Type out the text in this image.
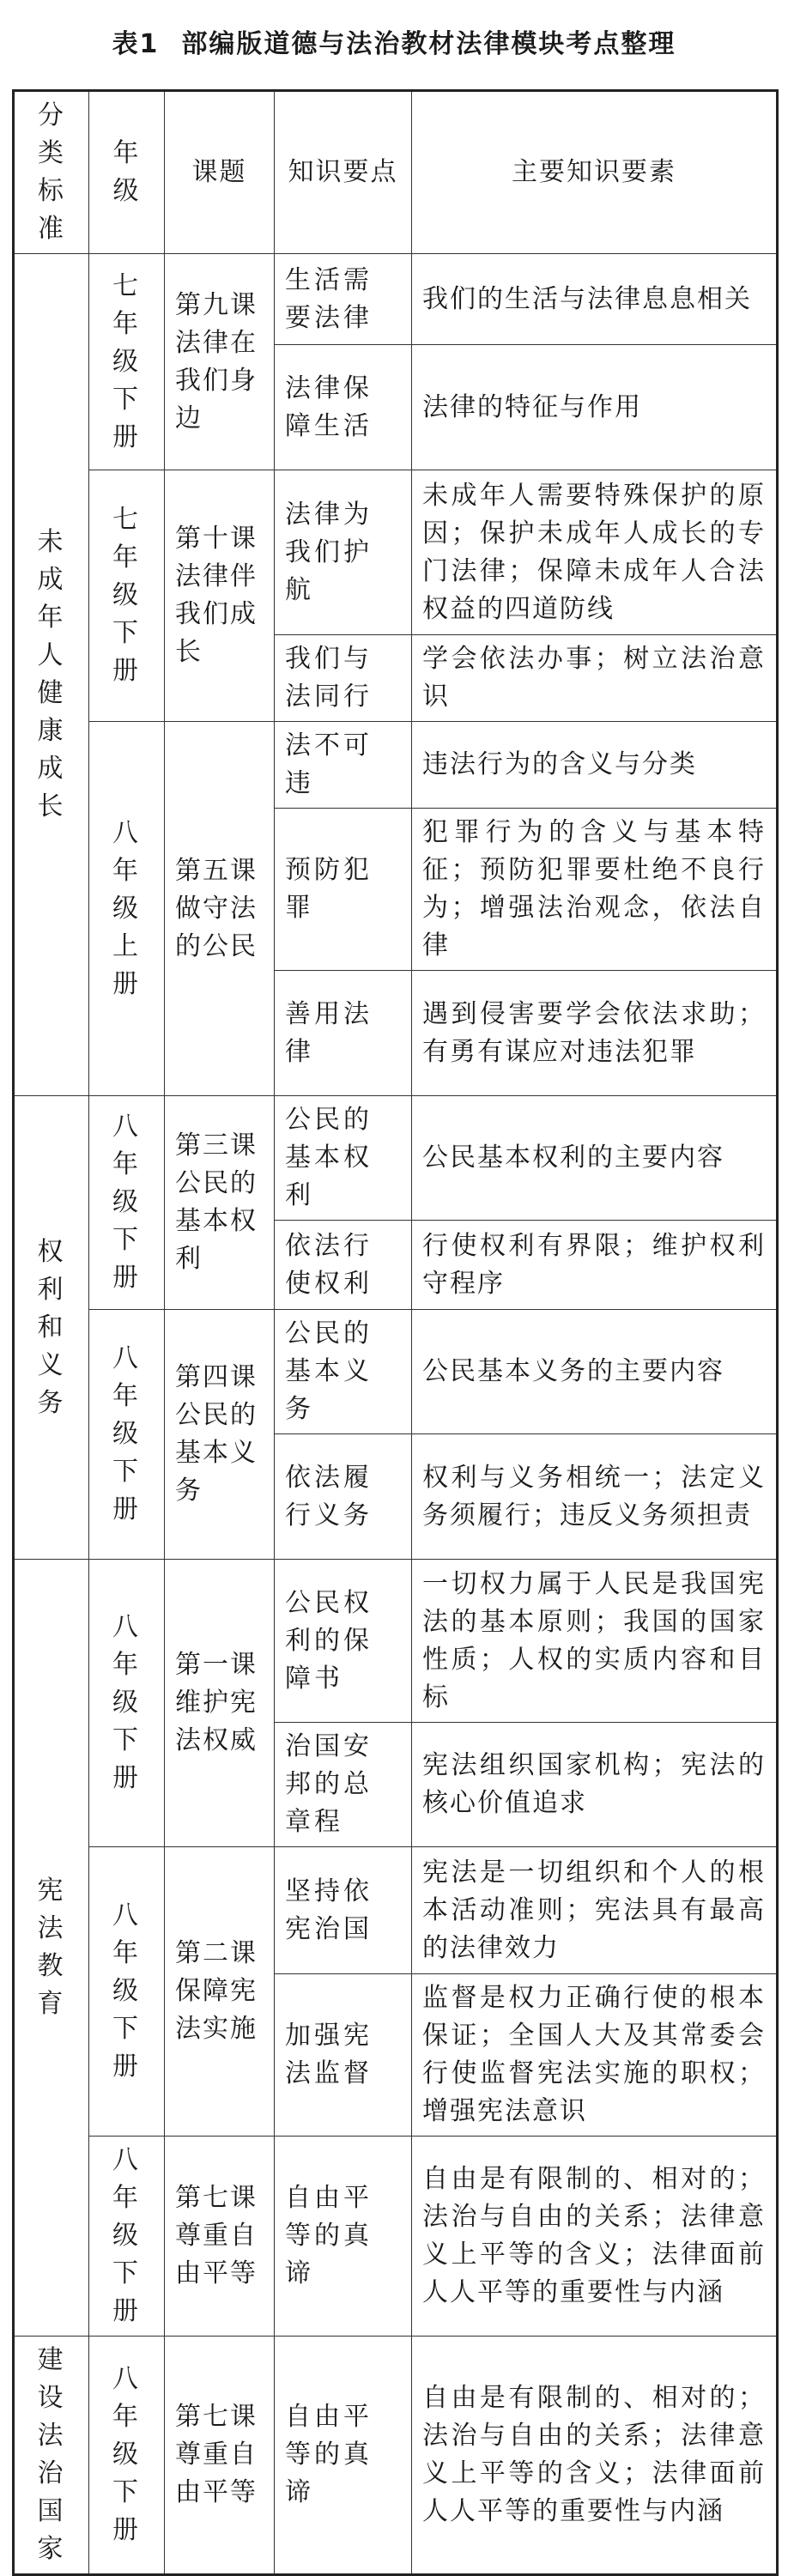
表1 部编版道德与法治教材法律模块考点整理
分类标准	年级	课题	知识要点	主要知识要素
未成年人健康成长	七年级下册	第九课法律在我们身边	生活需要法律	我们的生活与法律息息相关
			法律保障生活	法律的特征与作用
	七年级下册	第十课法律伴我们成长	法律为我们护航	未成年人需要特殊保护的原因；保护未成年人成长的专门法律；保障未成年人合法权益的四道防线
			我们与法同行	学会依法办事；树立法治意识
	八年级上册	第五课做守法的公民	法不可违	违法行为的含义与分类
			预防犯罪	犯罪行为的含义与基本特征；预防犯罪要杜绝不良行为；增强法治观念，依法自律
			善用法律	遇到侵害要学会依法求助；有勇有谋应对违法犯罪
权利和义务	八年级下册	第三课公民的基本权利	公民的基本权利	公民基本权利的主要内容
			依法行使权利	行使权利有界限；维护权利守程序
	八年级下册	第四课公民的基本义务	公民的基本义务	公民基本义务的主要内容
			依法履行义务	权利与义务相统一；法定义务须履行；违反义务须担责
宪法教育	八年级下册	第一课维护宪法权威	公民权利的保障书	一切权力属于人民是我国宪法的基本原则；我国的国家性质；人权的实质内容和目标
			治国安邦的总章程	宪法组织国家机构；宪法的核心价值追求
	八年级下册	第二课保障宪法实施	坚持依宪治国	宪法是一切组织和个人的根本活动准则；宪法具有最高的法律效力
			加强宪法监督	监督是权力正确行使的根本保证；全国人大及其常委会行使监督宪法实施的职权；增强宪法意识
	八年级下册	第七课尊重自由平等	自由平等的真谛	自由是有限制的、相对的；法治与自由的关系；法律意义上平等的含义；法律面前人人平等的重要性与内涵
建设法治国家	八年级下册	第七课尊重自由平等	自由平等的真谛	自由是有限制的、相对的；法治与自由的关系；法律意义上平等的含义；法律面前人人平等的重要性与内涵
